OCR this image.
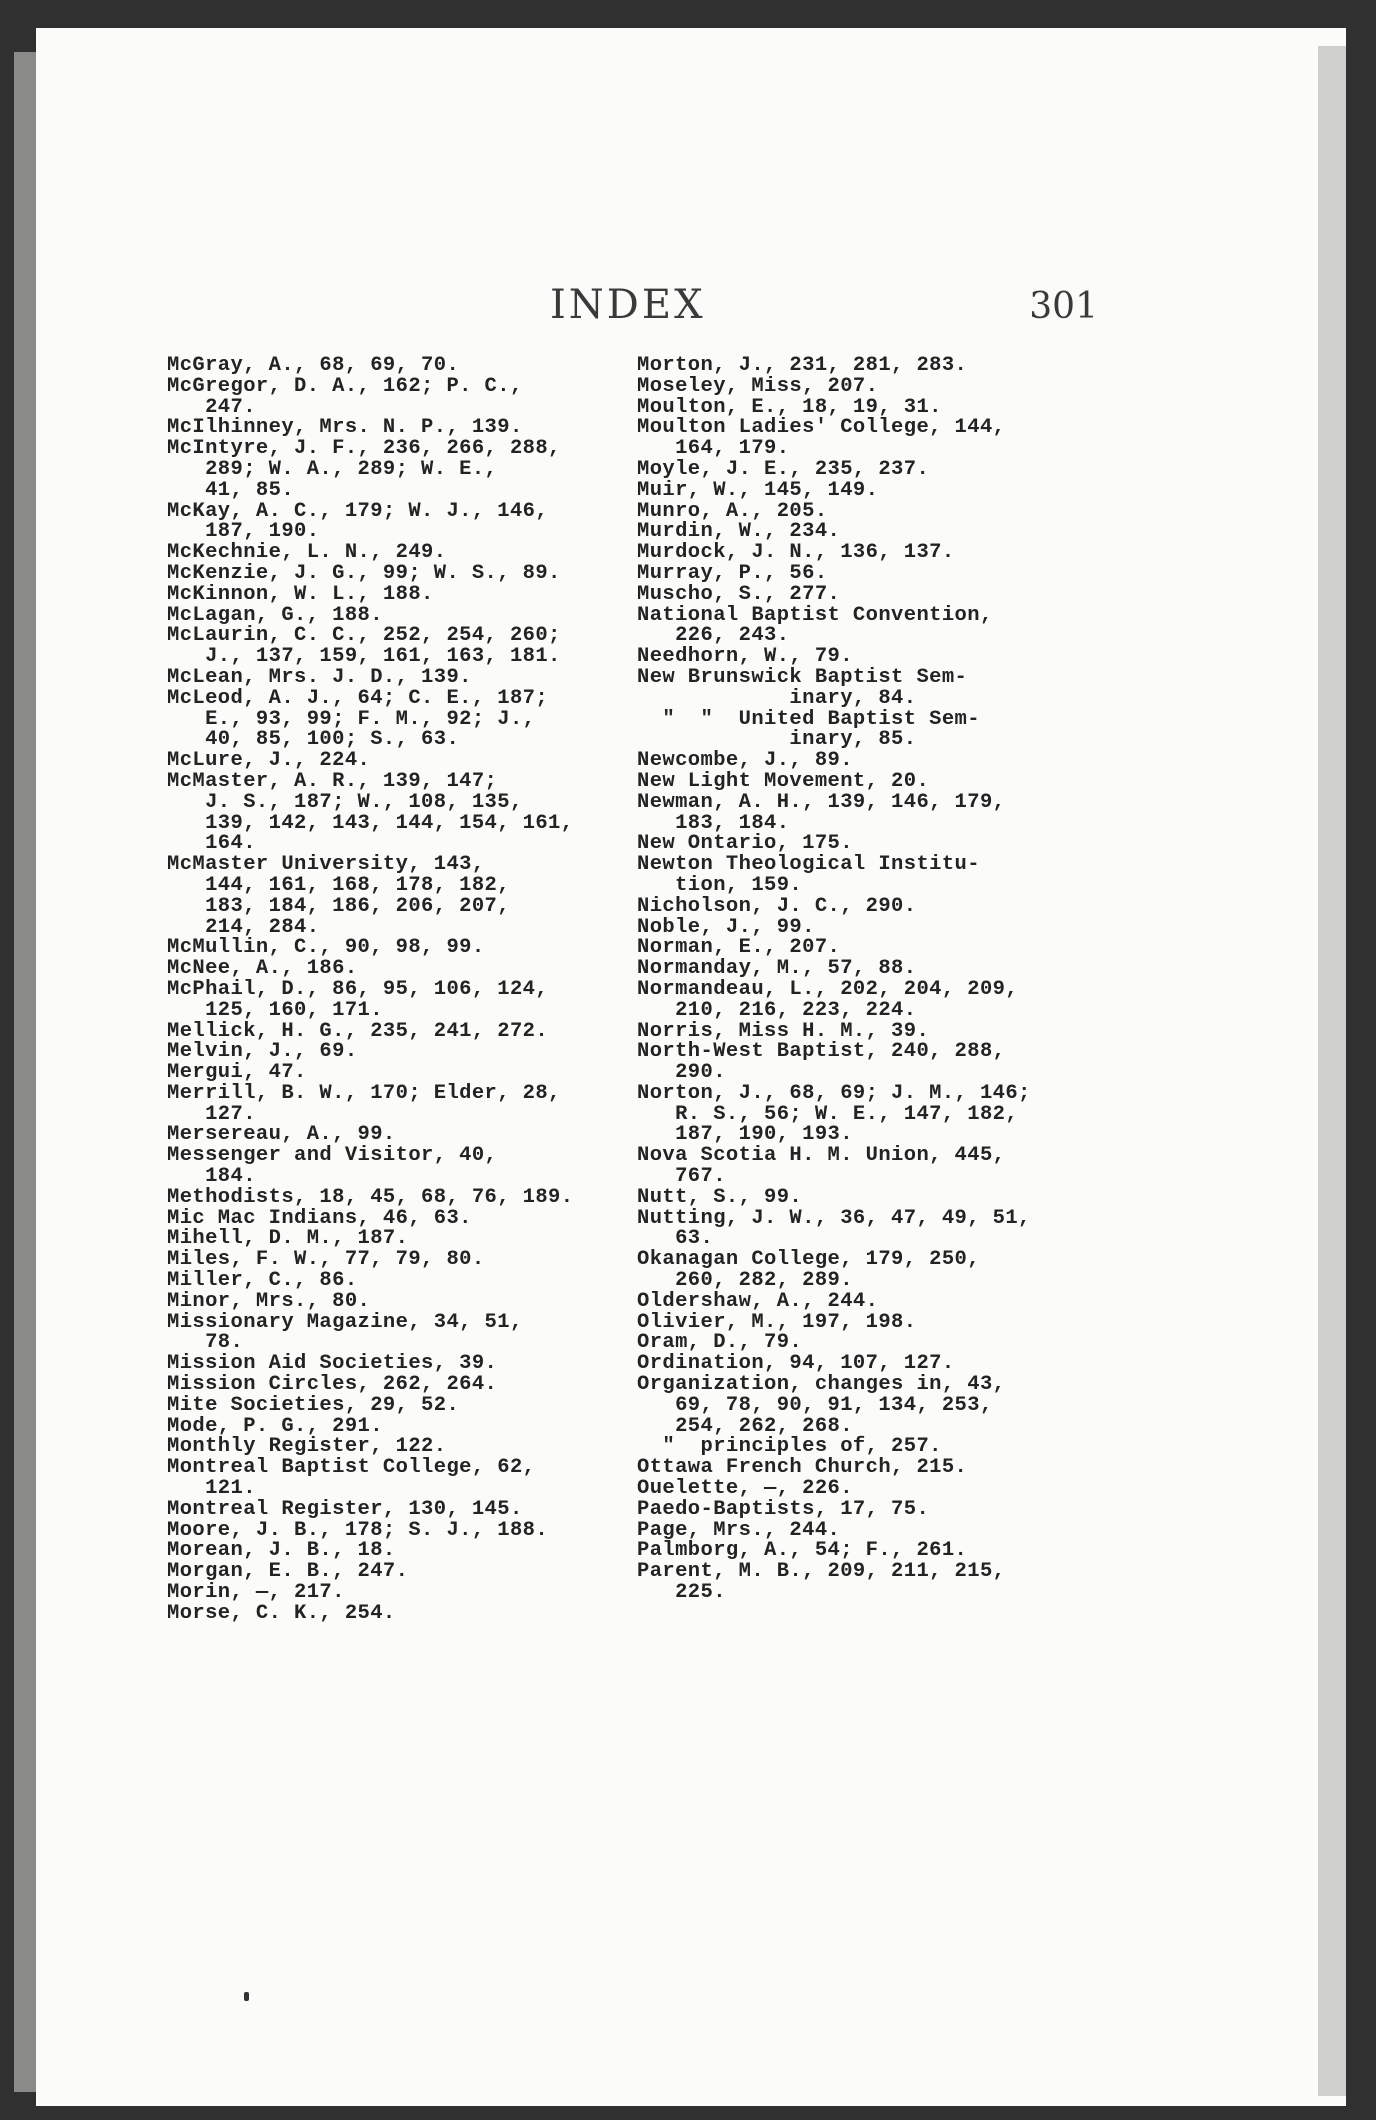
INDEX	301
McGray, A., 68, 69, 70.
McGregor, D. A., 162; P. C.,
247.
McIlhinney, Mrs. N. P., 139.
McIntyre, J. F., 236, 266, 288,
289; W. A., 289; W. E.,
41, 85.
McKay, A. C., 179; W. J., 146,
187, 190.
McKechnie, L. N., 249.
McKenzie, J. G., 99; W. S., 89.
McKinnon, W. L., 188.
McLagan, G., 188.
McLaurin, C. C., 252, 254, 260;
J., 137, 159, 161, 163, 181.
McLean, Mrs. J. D., 139.
McLeod, A. J., 64; C. E., 187;
E., 93, 99; F. M., 92; J.,
40, 85, 100; S., 63.
McLure, J., 224.
McMaster, A. R., 139, 147;
J. S., 187; W., 108, 135,
139, 142, 143, 144, 154, 161,
164.
McMaster University, 143,
144, 161, 168, 178, 182,
183, 184, 186, 206, 207,
214, 284.
McMullin, C., 90, 98, 99.
McNee, A., 186.
McPhail, D., 86, 95, 106, 124,
125, 160, 171.
Mellick, H. G., 235, 241, 272.
Melvin, J., 69.
Mergui, 47.
Merrill, B. W., 170; Elder, 28,
127.
Mersereau, A., 99.
Messenger and Visitor, 40,
184.
Methodists, 18, 45, 68, 76, 189.
Mic Mac Indians, 46, 63.
Mihell, D. M., 187.
Miles, F. W., 77, 79, 80.
Miller, C., 86.
Minor, Mrs., 80.
Missionary Magazine, 34, 51,
78.
Mission Aid Societies, 39.
Mission Circles, 262, 264.
Mite Societies, 29, 52.
Mode, P. G., 291.
Monthly Register, 122.
Montreal Baptist College, 62,
121.
Montreal Register, 130, 145.
Moore, J. B., 178; S. J., 188.
Morean, J. B., 18.
Morgan, E. B., 247.
Morin, —, 217.
Morse, C. K., 254.
Morton, J., 231, 281, 283.
Moseley, Miss, 207.
Moulton, E., 18, 19, 31.
Moulton Ladies' College, 144,
164, 179.
Moyle, J. E., 235, 237.
Muir, W., 145, 149.
Munro, A., 205.
Murdin, W., 234.
Murdock, J. N., 136, 137.
Murray, P., 56.
Muscho, S., 277.
National Baptist Convention,
226, 243.
Needhorn, W., 79.
New Brunswick Baptist Sem-
inary, 84.
"  "  United Baptist Sem-
inary, 85.
Newcombe, J., 89.
New Light Movement, 20.
Newman, A. H., 139, 146, 179,
183, 184.
New Ontario, 175.
Newton Theological Institu-
tion, 159.
Nicholson, J. C., 290.
Noble, J., 99.
Norman, E., 207.
Normanday, M., 57, 88.
Normandeau, L., 202, 204, 209,
210, 216, 223, 224.
Norris, Miss H. M., 39.
North-West Baptist, 240, 288,
290.
Norton, J., 68, 69; J. M., 146;
R. S., 56; W. E., 147, 182,
187, 190, 193.
Nova Scotia H. M. Union, 445,
767.
Nutt, S., 99.
Nutting, J. W., 36, 47, 49, 51,
63.
Okanagan College, 179, 250,
260, 282, 289.
Oldershaw, A., 244.
Olivier, M., 197, 198.
Oram, D., 79.
Ordination, 94, 107, 127.
Organization, changes in, 43,
69, 78, 90, 91, 134, 253,
254, 262, 268.
"  principles of, 257.
Ottawa French Church, 215.
Ouelette, —, 226.
Paedo-Baptists, 17, 75.
Page, Mrs., 244.
Palmborg, A., 54; F., 261.
Parent, M. B., 209, 211, 215,
225.
